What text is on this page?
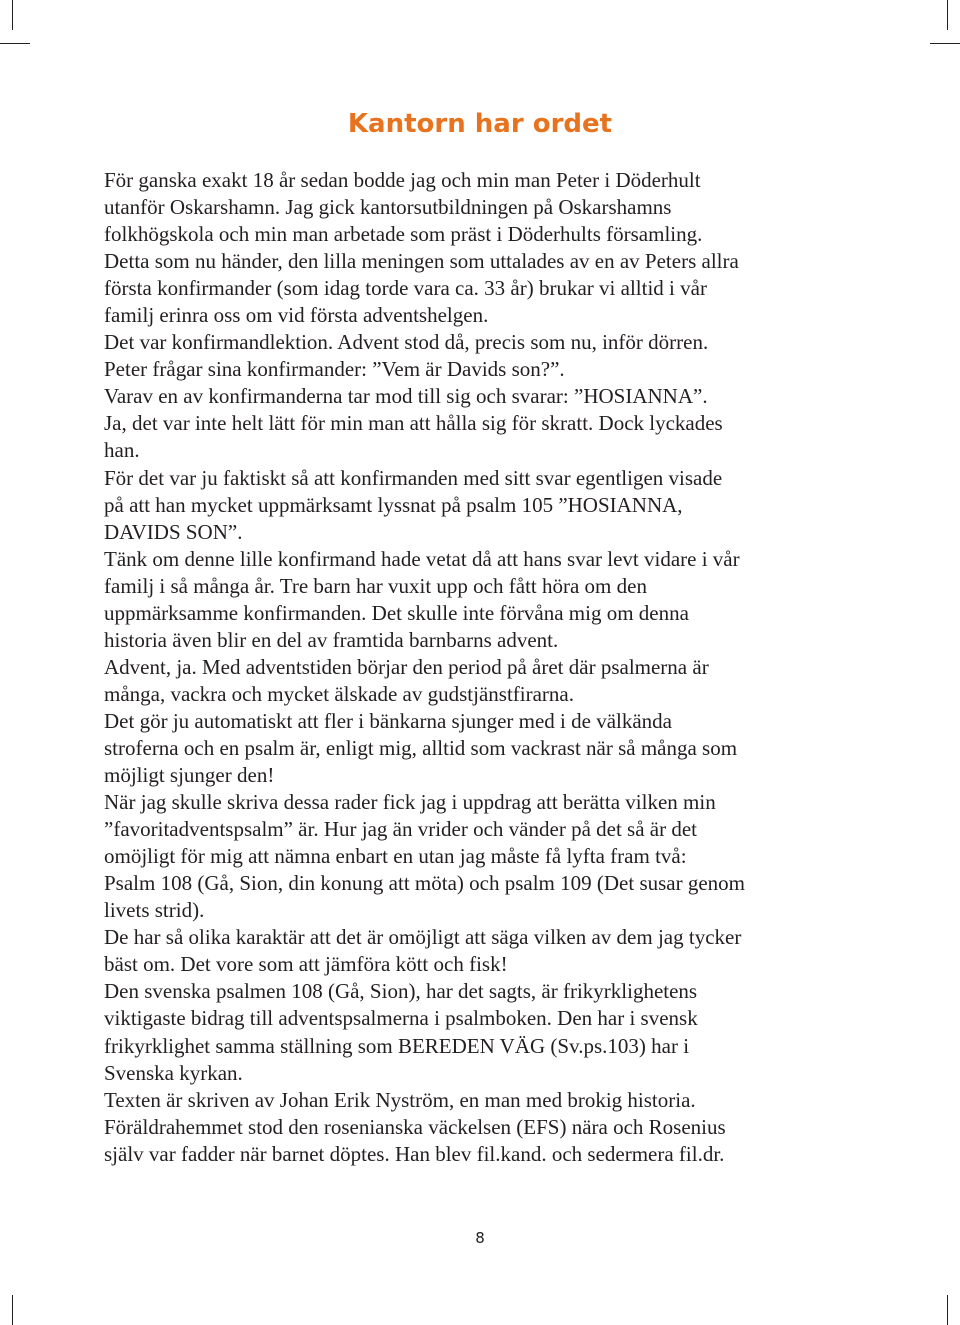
Kantorn har ordet
För ganska exakt 18 år sedan bodde jag och min man Peter i Döderhult
utanför Oskarshamn. Jag gick kantorsutbildningen på Oskarshamns
folkhögskola och min man arbetade som präst i Döderhults församling.
Detta som nu händer, den lilla meningen som uttalades av en av Peters allra
första konfirmander (som idag torde vara ca. 33 år) brukar vi alltid i vår
familj erinra oss om vid första adventshelgen.
Det var konfirmandlektion. Advent stod då, precis som nu, inför dörren.
Peter frågar sina konfirmander: ”Vem är Davids son?”.
Varav en av konfirmanderna tar mod till sig och svarar: ”HOSIANNA”.
Ja, det var inte helt lätt för min man att hålla sig för skratt. Dock lyckades
han.
För det var ju faktiskt så att konfirmanden med sitt svar egentligen visade
på att han mycket uppmärksamt lyssnat på psalm 105 ”HOSIANNA,
DAVIDS SON”.
Tänk om denne lille konfirmand hade vetat då att hans svar levt vidare i vår
familj i så många år. Tre barn har vuxit upp och fått höra om den
uppmärksamme konfirmanden. Det skulle inte förvåna mig om denna
historia även blir en del av framtida barnbarns advent.
Advent, ja. Med adventstiden börjar den period på året där psalmerna är
många, vackra och mycket älskade av gudstjänstfirarna.
Det gör ju automatiskt att fler i bänkarna sjunger med i de välkända
stroferna och en psalm är, enligt mig, alltid som vackrast när så många som
möjligt sjunger den!
När jag skulle skriva dessa rader fick jag i uppdrag att berätta vilken min
”favoritadventspsalm” är. Hur jag än vrider och vänder på det så är det
omöjligt för mig att nämna enbart en utan jag måste få lyfta fram två:
Psalm 108 (Gå, Sion, din konung att möta) och psalm 109 (Det susar genom
livets strid).
De har så olika karaktär att det är omöjligt att säga vilken av dem jag tycker
bäst om. Det vore som att jämföra kött och fisk!
Den svenska psalmen 108 (Gå, Sion), har det sagts, är frikyrklighetens
viktigaste bidrag till adventspsalmerna i psalmboken. Den har i svensk
frikyrklighet samma ställning som BEREDEN VÄG (Sv.ps.103) har i
Svenska kyrkan.
Texten är skriven av Johan Erik Nyström, en man med brokig historia.
Föräldrahemmet stod den rosenianska väckelsen (EFS) nära och Rosenius
själv var fadder när barnet döptes. Han blev fil.kand. och sedermera fil.dr.
8
